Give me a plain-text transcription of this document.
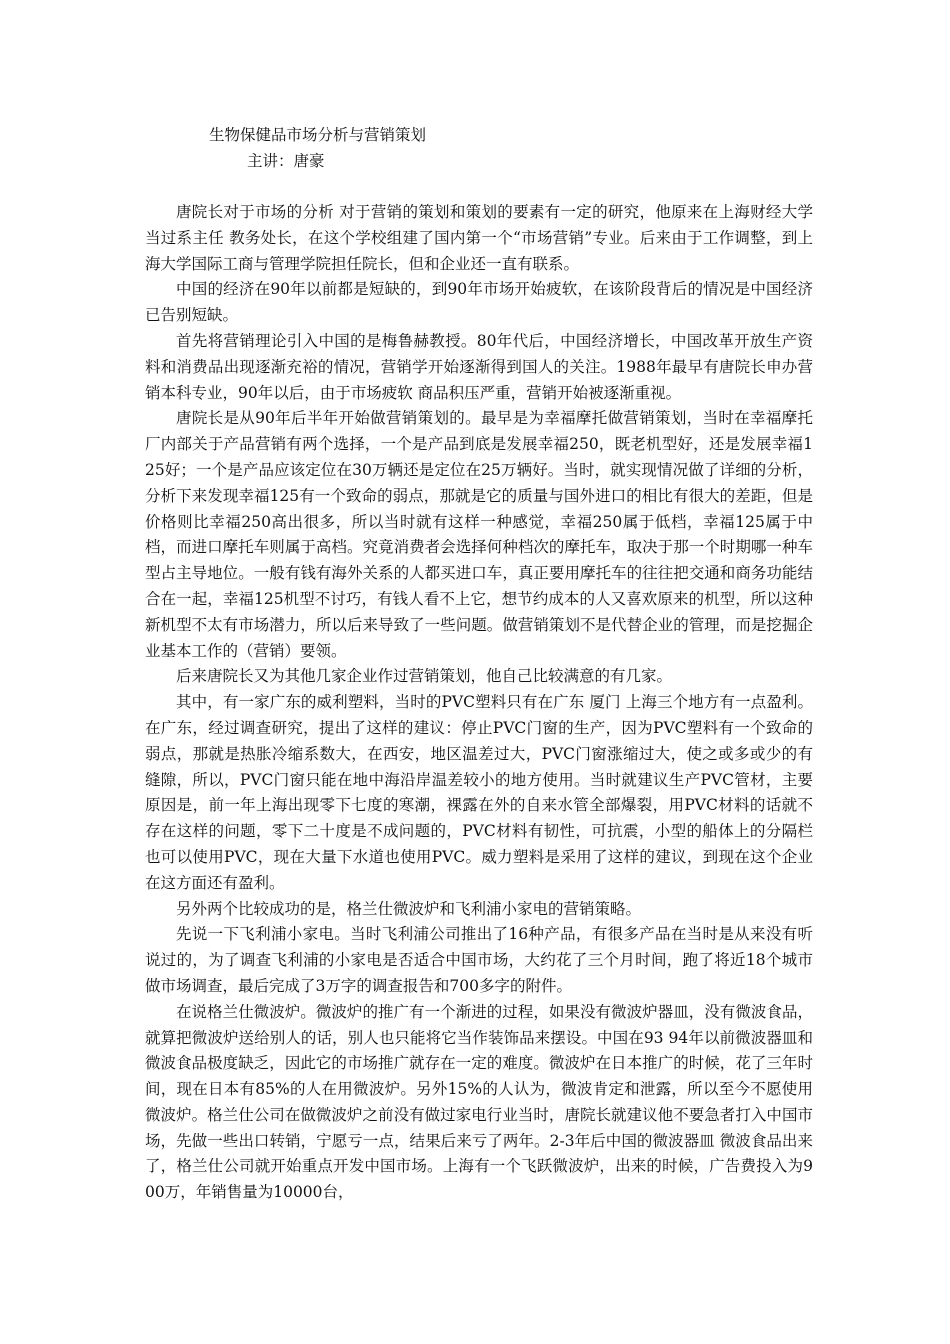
生物保健品市场分析与营销策划
主讲：唐豪

唐院长对于市场的分析 对于营销的策划和策划的要素有一定的研究，他原来在上海财经大学当过系主任 教务处长，在这个学校组建了国内第一个“市场营销”专业。后来由于工作调整，到上海大学国际工商与管理学院担任院长，但和企业还一直有联系。

中国的经济在90年以前都是短缺的，到90年市场开始疲软，在该阶段背后的情况是中国经济已告别短缺。

首先将营销理论引入中国的是梅鲁赫教授。80年代后，中国经济增长，中国改革开放生产资料和消费品出现逐渐充裕的情况，营销学开始逐渐得到国人的关注。1988年最早有唐院长申办营销本科专业，90年以后，由于市场疲软 商品积压严重，营销开始被逐渐重视。

唐院长是从90年后半年开始做营销策划的。最早是为幸福摩托做营销策划，当时在幸福摩托厂内部关于产品营销有两个选择，一个是产品到底是发展幸福250，既老机型好，还是发展幸福125好；一个是产品应该定位在30万辆还是定位在25万辆好。当时，就实现情况做了详细的分析，分析下来发现幸福125有一个致命的弱点，那就是它的质量与国外进口的相比有很大的差距，但是价格则比幸福250高出很多，所以当时就有这样一种感觉，幸福250属于低档，幸福125属于中档，而进口摩托车则属于高档。究竟消费者会选择何种档次的摩托车，取决于那一个时期哪一种车型占主导地位。一般有钱有海外关系的人都买进口车，真正要用摩托车的往往把交通和商务功能结合在一起，幸福125机型不讨巧，有钱人看不上它，想节约成本的人又喜欢原来的机型，所以这种新机型不太有市场潜力，所以后来导致了一些问题。做营销策划不是代替企业的管理，而是挖掘企业基本工作的（营销）要领。

后来唐院长又为其他几家企业作过营销策划，他自己比较满意的有几家。

其中，有一家广东的威利塑料，当时的PVC塑料只有在广东 厦门 上海三个地方有一点盈利。在广东，经过调查研究，提出了这样的建议：停止PVC门窗的生产，因为PVC塑料有一个致命的弱点，那就是热胀冷缩系数大，在西安，地区温差过大，PVC门窗涨缩过大，使之或多或少的有缝隙，所以，PVC门窗只能在地中海沿岸温差较小的地方使用。当时就建议生产PVC管材，主要原因是，前一年上海出现零下七度的寒潮，裸露在外的自来水管全部爆裂，用PVC材料的话就不存在这样的问题，零下二十度是不成问题的，PVC材料有韧性，可抗震，小型的船体上的分隔栏也可以使用PVC，现在大量下水道也使用PVC。威力塑料是采用了这样的建议，到现在这个企业在这方面还有盈利。

另外两个比较成功的是，格兰仕微波炉和飞利浦小家电的营销策略。

先说一下飞利浦小家电。当时飞利浦公司推出了16种产品，有很多产品在当时是从来没有听说过的，为了调查飞利浦的小家电是否适合中国市场，大约花了三个月时间，跑了将近18个城市做市场调查，最后完成了3万字的调查报告和700多字的附件。

在说格兰仕微波炉。微波炉的推广有一个渐进的过程，如果没有微波炉器皿，没有微波食品，就算把微波炉送给别人的话，别人也只能将它当作装饰品来摆设。中国在93 94年以前微波器皿和微波食品极度缺乏，因此它的市场推广就存在一定的难度。微波炉在日本推广的时候，花了三年时间，现在日本有85%的人在用微波炉。另外15%的人认为，微波肯定和泄露，所以至今不愿使用微波炉。格兰仕公司在做微波炉之前没有做过家电行业当时，唐院长就建议他不要急者打入中国市场，先做一些出口转销，宁愿亏一点，结果后来亏了两年。2-3年后中国的微波器皿 微波食品出来了，格兰仕公司就开始重点开发中国市场。上海有一个飞跃微波炉，出来的时候，广告费投入为900万，年销售量为10000台，
